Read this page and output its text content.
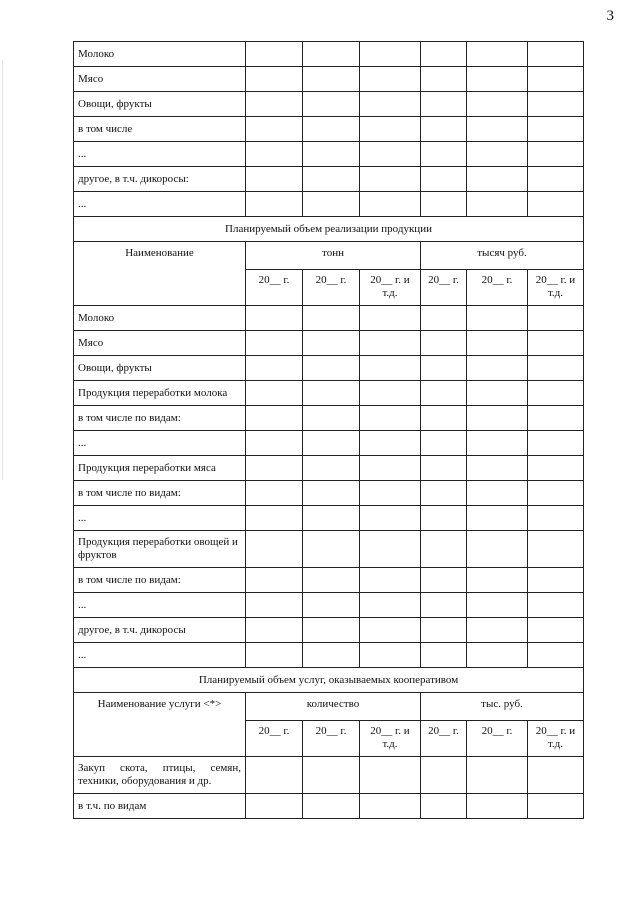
3
Молоко						
Мясо						
Овощи, фрукты						
в том числе						
...						
другое, в т.ч. дикоросы:						
...						
Планируемый объем реализации продукции						
Наименование	тонн			тысяч руб.		
	20__ г.	20__ г.	20__ г. и т.д.	20__ г.	20__ г.	20__ г. и т.д.
Молоко						
Мясо						
Овощи, фрукты						
Продукция переработки молока						
в том числе по видам:						
...						
Продукция переработки мяса						
в том числе по видам:						
...						
Продукция переработки овощей и фруктов						
в том числе по видам:						
...						
другое, в т.ч. дикоросы						
...						
Планируемый объем услуг, оказываемых кооперативом						
Наименование услуги <*>	количество			тыс. руб.		
	20__ г.	20__ г.	20__ г. и т.д.	20__ г.	20__ г.	20__ г. и т.д.
Закуп скота, птицы, семян, техники, оборудования и др.						
в т.ч. по видам						
